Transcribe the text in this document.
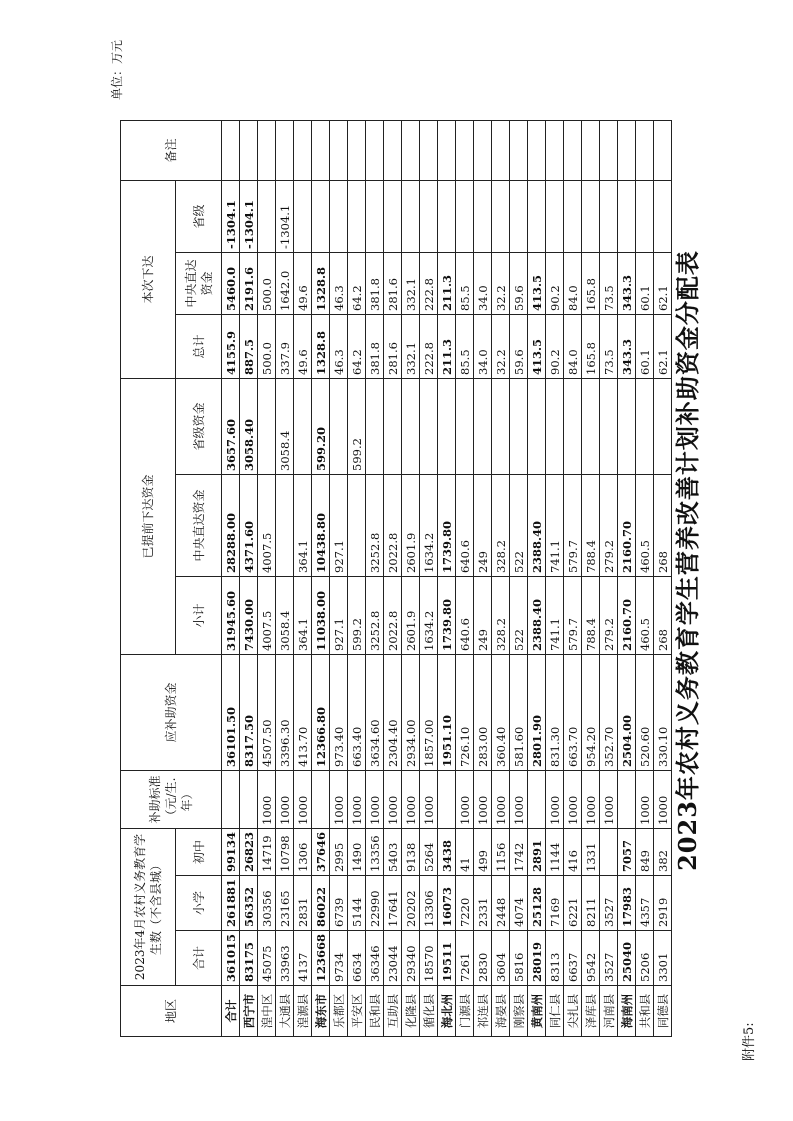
附件5:
2023年农村义务教育学生营养改善计划补助资金分配表
单位：万元
地区	2023年4月农村义务教育学生数（不含县城）			补助标准（元/生.年）	应补助资金	已提前下达资金			本次下达			备注
	合计	小学	初中			小计	中央直达资金	省级资金	总计	中央直达资金	省级	

合计	361015	261881	99134		36101.50	31945.60	28288.00	3657.60	4155.9	5460.0	-1304.1	
西宁市	83175	56352	26823		8317.50	7430.00	4371.60	3058.40	887.5	2191.6	-1304.1	
湟中区	45075	30356	14719	1000	4507.50	4007.5	4007.5		500.0	500.0		
大通县	33963	23165	10798	1000	3396.30	3058.4		3058.4	337.9	1642.0	-1304.1	
湟源县	4137	2831	1306	1000	413.70	364.1	364.1		49.6	49.6		
海东市	123668	86022	37646		12366.80	11038.00	10438.80	599.20	1328.8	1328.8		
乐都区	9734	6739	2995	1000	973.40	927.1	927.1		46.3	46.3		
平安区	6634	5144	1490	1000	663.40	599.2		599.2	64.2	64.2		
民和县	36346	22990	13356	1000	3634.60	3252.8	3252.8		381.8	381.8		
互助县	23044	17641	5403	1000	2304.40	2022.8	2022.8		281.6	281.6		
化隆县	29340	20202	9138	1000	2934.00	2601.9	2601.9		332.1	332.1		
循化县	18570	13306	5264	1000	1857.00	1634.2	1634.2		222.8	222.8		
海北州	19511	16073	3438		1951.10	1739.80	1739.80		211.3	211.3		
门源县	7261	7220	41	1000	726.10	640.6	640.6		85.5	85.5		
祁连县	2830	2331	499	1000	283.00	249	249		34.0	34.0		
海晏县	3604	2448	1156	1000	360.40	328.2	328.2		32.2	32.2		
刚察县	5816	4074	1742	1000	581.60	522	522		59.6	59.6		
黄南州	28019	25128	2891		2801.90	2388.40	2388.40		413.5	413.5		
同仁县	8313	7169	1144	1000	831.30	741.1	741.1		90.2	90.2		
尖扎县	6637	6221	416	1000	663.70	579.7	579.7		84.0	84.0		
泽库县	9542	8211	1331	1000	954.20	788.4	788.4		165.8	165.8		
河南县	3527	3527		1000	352.70	279.2	279.2		73.5	73.5		
海南州	25040	17983	7057		2504.00	2160.70	2160.70		343.3	343.3		
共和县	5206	4357	849	1000	520.60	460.5	460.5		60.1	60.1		
同德县	3301	2919	382	1000	330.10	268	268		62.1	62.1		
